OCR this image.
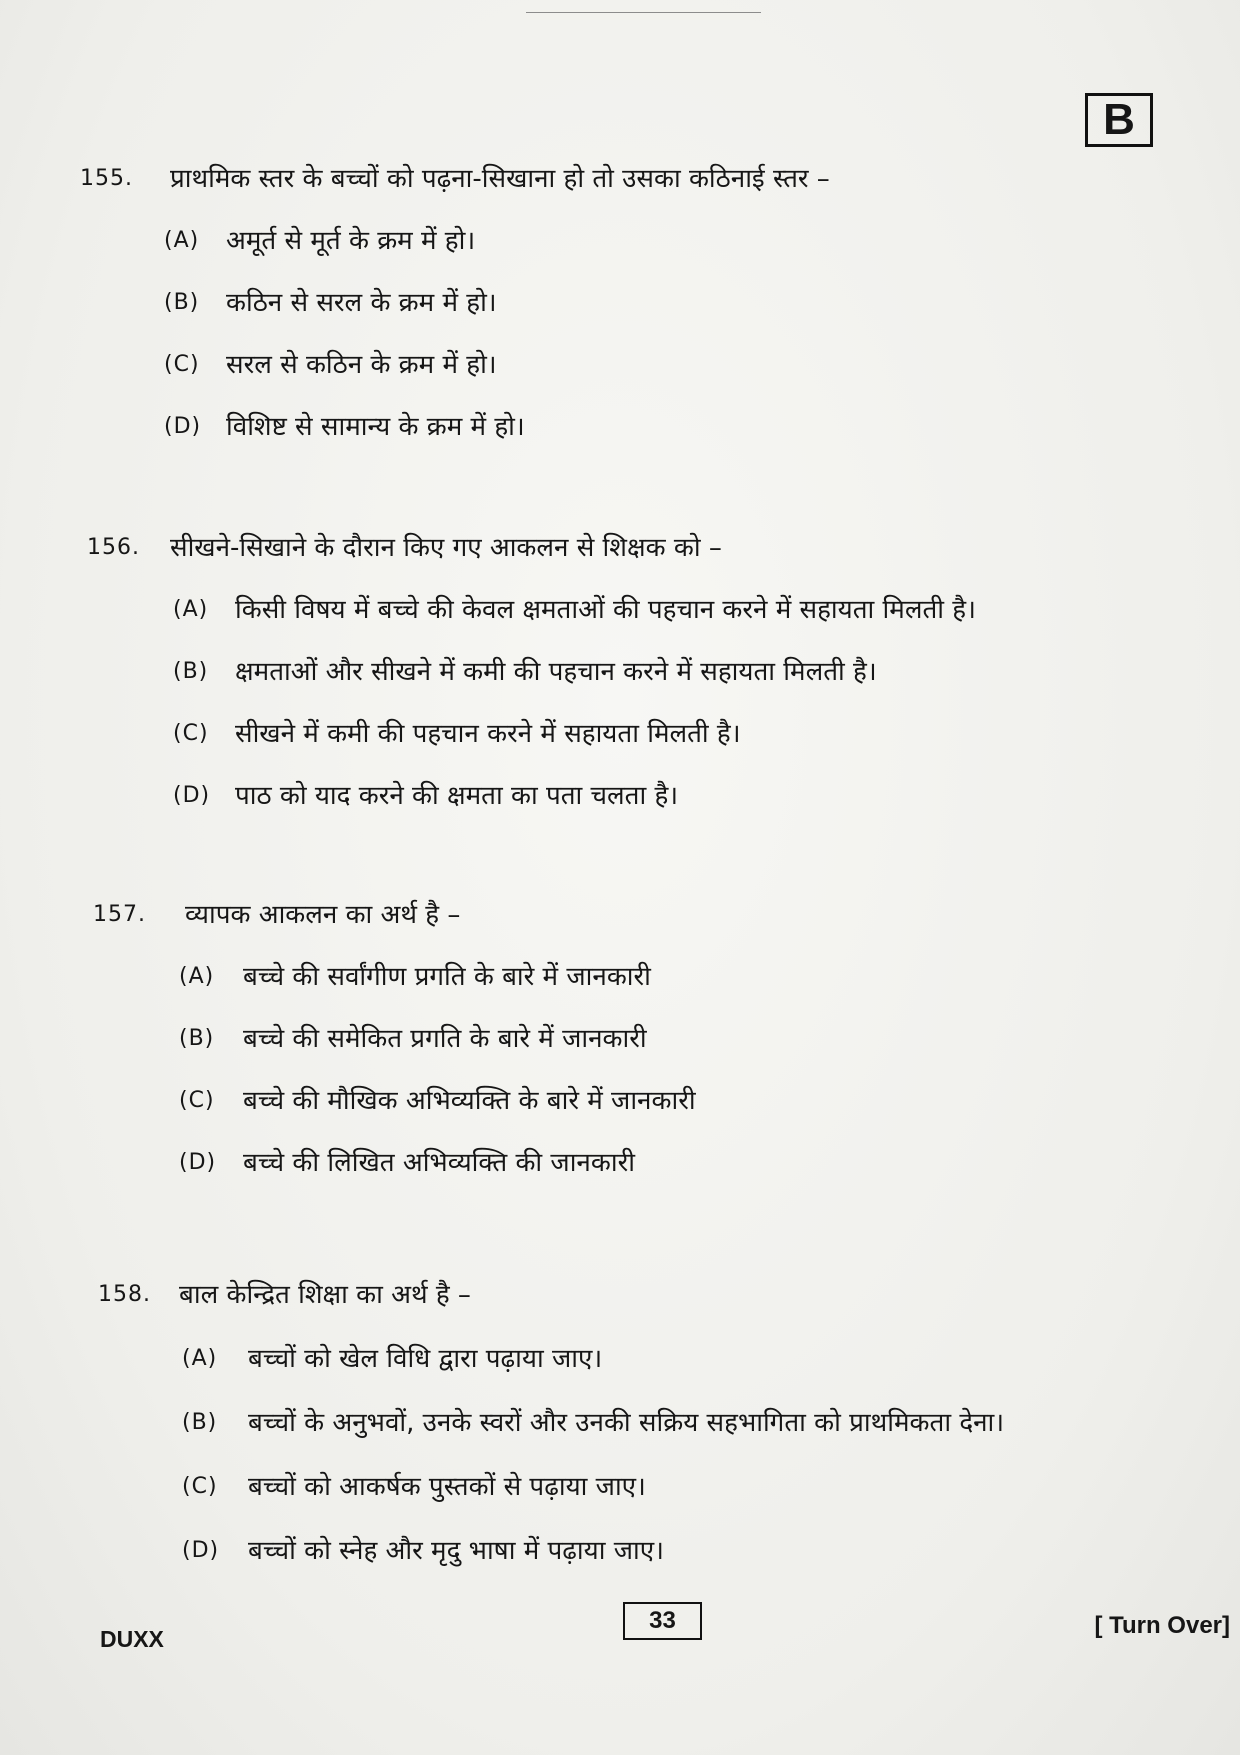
B
155.	प्राथमिक स्तर के बच्चों को पढ़ना-सिखाना हो तो उसका कठिनाई स्तर –
(A)	अमूर्त से मूर्त के क्रम में हो।
(B)	कठिन से सरल के क्रम में हो।
(C)	सरल से कठिन के क्रम में हो।
(D) विशिष्ट से सामान्य के क्रम में हो।
156.	सीखने-सिखाने के दौरान किए गए आकलन से शिक्षक को –
(A)	किसी विषय में बच्चे की केवल क्षमताओं की पहचान करने में सहायता मिलती है।
(B)	क्षमताओं और सीखने में कमी की पहचान करने में सहायता मिलती है।
(C)	सीखने में कमी की पहचान करने में सहायता मिलती है।
(D) पाठ को याद करने की क्षमता का पता चलता है।
157.	व्यापक आकलन का अर्थ है –
(A)	बच्चे की सर्वांगीण प्रगति के बारे में जानकारी
(B)	बच्चे की समेकित प्रगति के बारे में जानकारी
(C)	बच्चे की मौखिक अभिव्यक्ति के बारे में जानकारी
(D)	बच्चे की लिखित अभिव्यक्ति की जानकारी
158.	बाल केन्द्रित शिक्षा का अर्थ है –
(A)	बच्चों को खेल विधि द्वारा पढ़ाया जाए।
(B)	बच्चों के अनुभवों, उनके स्वरों और उनकी सक्रिय सहभागिता को प्राथमिकता देना।
(C)	बच्चों को आकर्षक पुस्तकों से पढ़ाया जाए।
(D)	बच्चों को स्नेह और मृदु भाषा में पढ़ाया जाए।
DUXX
33	[ Turn Over]
